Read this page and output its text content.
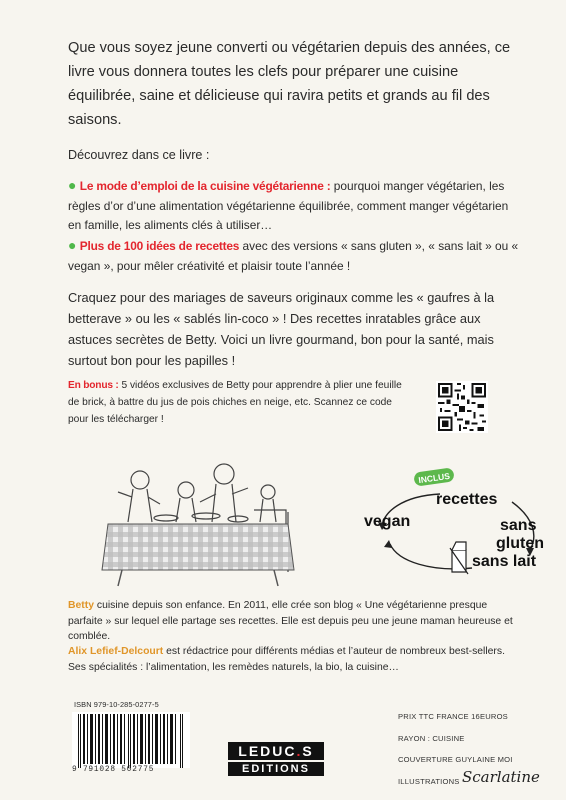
Que vous soyez jeune converti ou végétarien depuis des années, ce livre vous donnera toutes les clefs pour préparer une cuisine équilibrée, saine et délicieuse qui ravira petits et grands au fil des saisons.
Découvrez dans ce livre :
● Le mode d’emploi de la cuisine végétarienne : pourquoi manger végétarien, les règles d’or d’une alimentation végétarienne équilibrée, comment manger végétarien en famille, les aliments clés à utiliser…
● Plus de 100 idées de recettes avec des versions « sans gluten », « sans lait » ou « vegan », pour mêler créativité et plaisir toute l’année !
Craquez pour des mariages de saveurs originaux comme les « gaufres à la betterave » ou les « sablés lin-coco » ! Des recettes inratables grâce aux astuces secrètes de Betty. Voici un livre gourmand, bon pour la santé, mais surtout bon pour les papilles !
En bonus : 5 vidéos exclusives de Betty pour apprendre à plier une feuille de brick, à battre du jus de pois chiches en neige, etc. Scannez ce code pour les télécharger !
INCLUS
recettes
vegan	sans
gluten
sans lait
Betty cuisine depuis son enfance. En 2011, elle crée son blog « Une végétarienne presque parfaite » sur lequel elle partage ses recettes. Elle est depuis peu une jeune maman heureuse et comblée.
Alix Lefief-Delcourt est rédactrice pour différents médias et l’auteur de nombreux best-sellers. Ses spécialités : l’alimentation, les remèdes naturels, la bio, la cuisine…
ISBN 979-10-285-0277-5
9 791028 502775
LEDUC.S
EDITIONS
PRIX TTC FRANCE 16EUROS
RAYON : CUISINE
COUVERTURE GUYLAINE MOI
ILLUSTRATIONS Scarlatine
